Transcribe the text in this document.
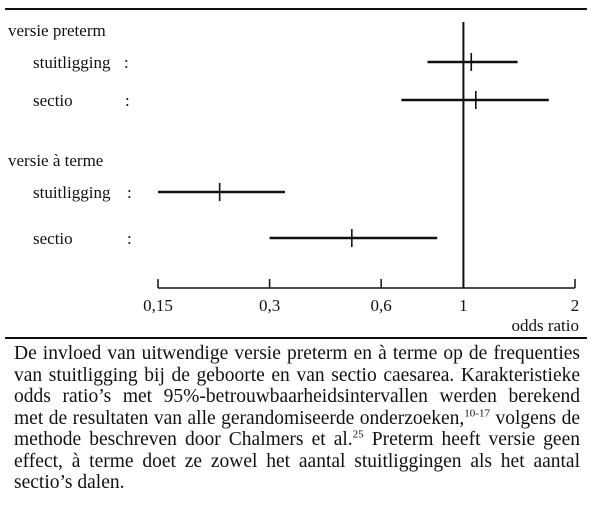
versie preterm
stuitligging :
sectio	:
versie à terme
stuitligging :
sectio	:
0,15	0,3	0,6	1	2
odds ratio

De invloed van uitwendige versie preterm en à terme op de frequenties van stuitligging bij de geboorte en van sectio caesarea. Karakteristieke odds ratio’s met 95%-betrouwbaarheidsintervallen werden berekend met de resultaten van alle gerandomiseerde onderzoeken,$^{10-17}$ volgens de methode beschreven door Chalmers et al.$^{25}$ Preterm heeft versie geen effect, à terme doet ze zowel het aantal stuitliggingen als het aantal sectio’s dalen.
